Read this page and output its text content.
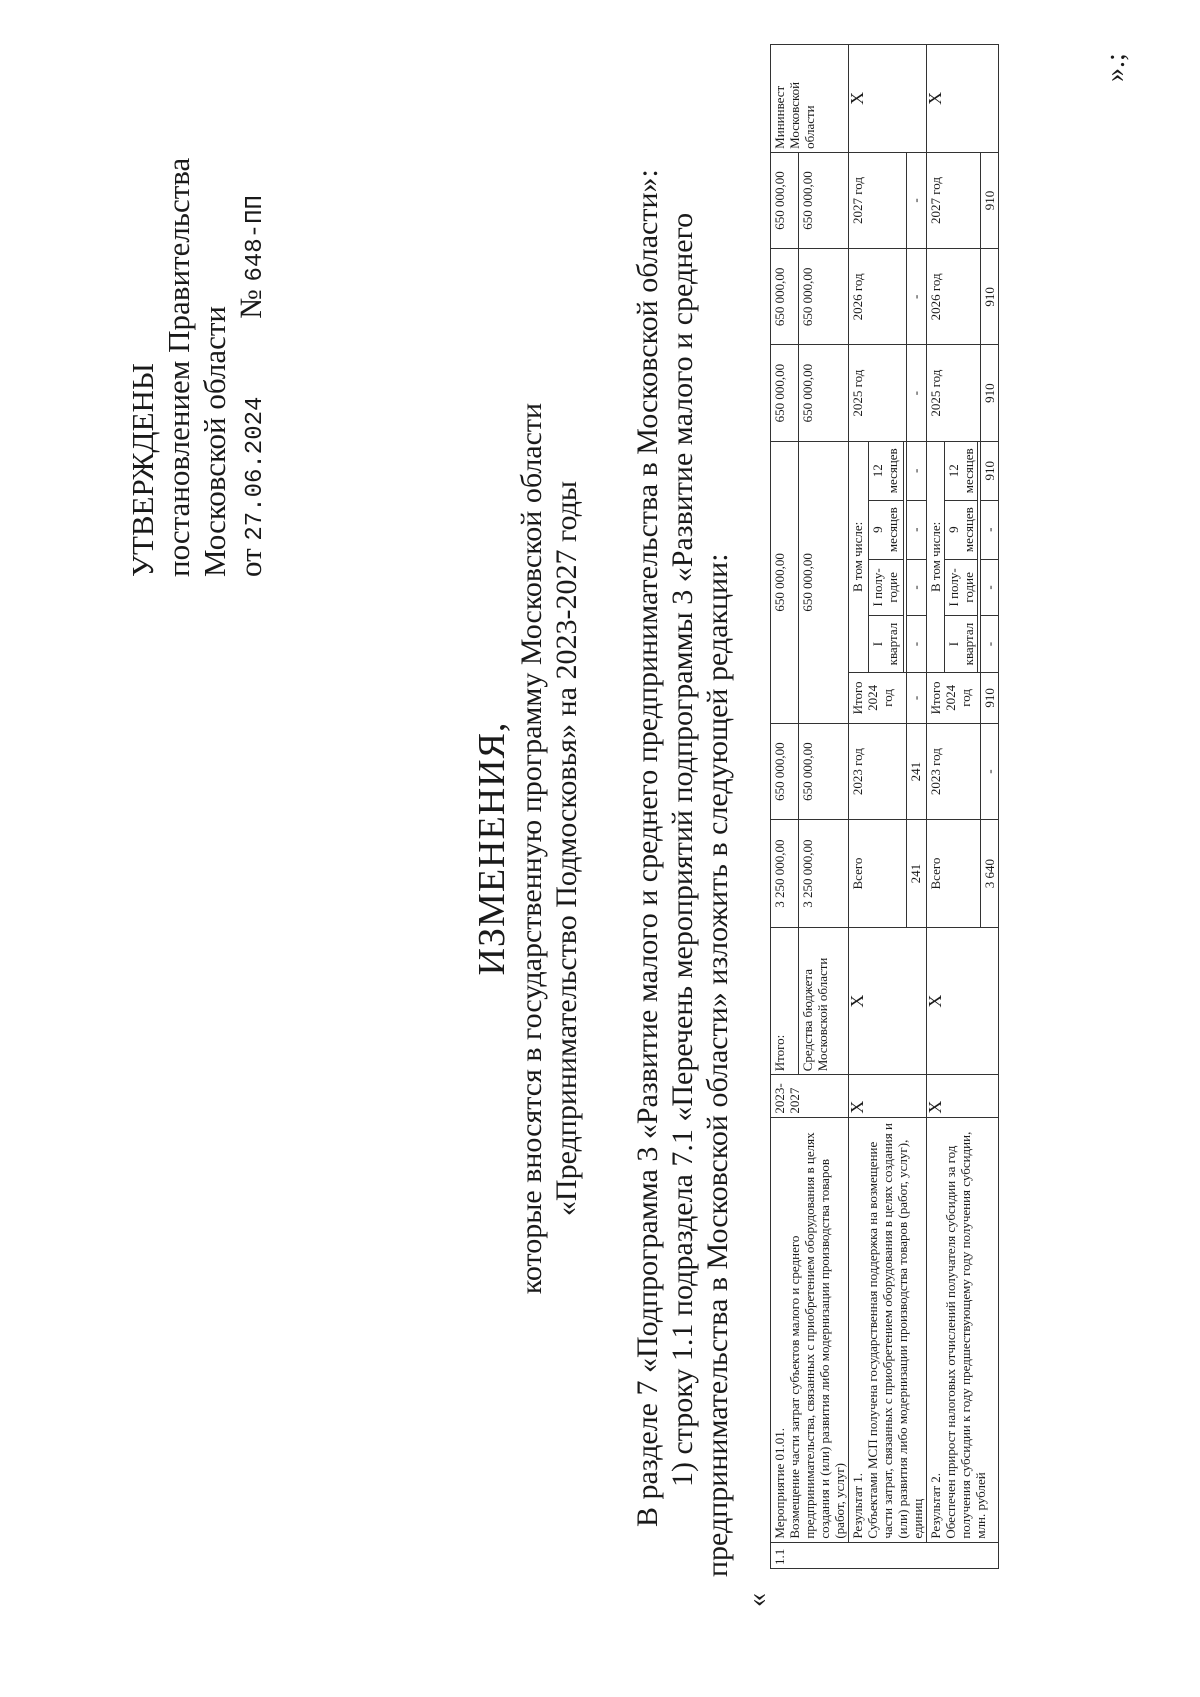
УТВЕРЖДЕНЫ постановлением Правительства Московской области от 27.06.2024 № 648-ПП
ИЗМЕНЕНИЯ, которые вносятся в государственную программу Московской области «Предпринимательство Подмосковья» на 2023-2027 годы В разделе 7 «Подпрограмма 3 «Развитие малого и среднего предпринимательства в Московской области»: 1) строку 1.1 подраздела 7.1 «Перечень мероприятий подпрограммы 3 «Развитие малого и среднего предпринимательства в Московской области» изложить в следующей редакции:
«
1.1	Мероприятие 01.01. Возмещение части затрат субъектов малого и среднего предпринимательства, связанных с приобретением оборудования в целях создания и (или) развития либо модернизации производства товаров (работ, услуг)	2023-2027	Итого:	3 250 000,00	650 000,00	650 000,00					650 000,00	650 000,00	650 000,00	Мининвест Московской области
			Средства бюджета Московской области	3 250 000,00	650 000,00	650 000,00					650 000,00	650 000,00	650 000,00	

	Результат 1. Субъектами МСП получена государственная поддержка на возмещение части затрат, связанных с приобретением оборудования в целях создания и (или) развития либо модернизации производства товаров (работ, услуг), единиц	X	X	Всего	2023 год	Итого 2024 год	В том числе:				2025 год	2026 год	2027 год	X
							I квартал	I полу-годие	9 месяцев	12 месяцев				

				241	241	-	-	-	-	-	-	-	-	

	Результат 2. Обеспечен прирост налоговых отчислений получателя субсидии за год получения субсидии к году предшествующему году получения субсидии, млн. рублей	X	X	Всего	2023 год	Итого 2024 год	В том числе:				2025 год	2026 год	2027 год	X
							I квартал	I полу-годие	9 месяцев	12 месяцев				

				3 640	-	910	-	-	-	910	910	910	910	
».;
